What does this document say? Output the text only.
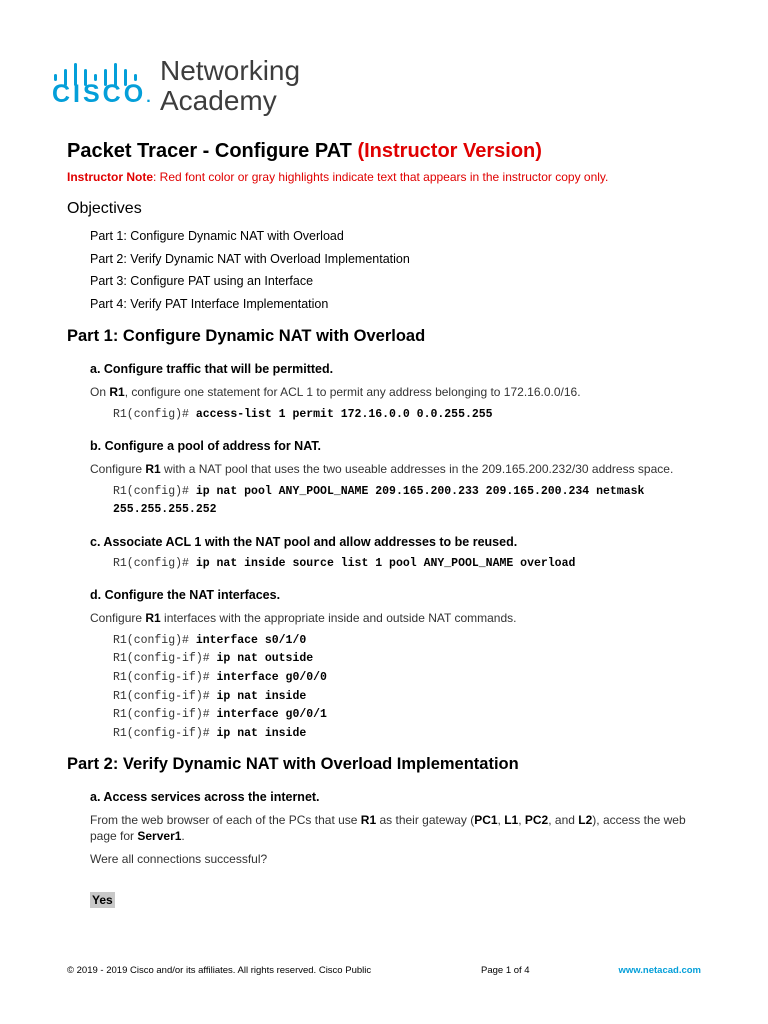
CISCO.
Networking
Academy
Packet Tracer - Configure PAT (Instructor Version)

Instructor Note: Red font color or gray highlights indicate text that appears in the instructor copy only.

Objectives
Part 1: Configure Dynamic NAT with Overload
Part 2: Verify Dynamic NAT with Overload Implementation
Part 3: Configure PAT using an Interface
Part 4: Verify PAT Interface Implementation
Part 1: Configure Dynamic NAT with Overload
a. Configure traffic that will be permitted.

On R1, configure one statement for ACL 1 to permit any address belonging to 172.16.0.0/16.

R1(config)# access-list 1 permit 172.16.0.0 0.0.255.255
b. Configure a pool of address for NAT.

Configure R1 with a NAT pool that uses the two useable addresses in the 209.165.200.232/30 address space.

R1(config)# ip nat pool ANY_POOL_NAME 209.165.200.233 209.165.200.234 netmask
255.255.255.252
c. Associate ACL 1 with the NAT pool and allow addresses to be reused.
R1(config)# ip nat inside source list 1 pool ANY_POOL_NAME overload
d. Configure the NAT interfaces.

Configure R1 interfaces with the appropriate inside and outside NAT commands.

R1(config)# interface s0/1/0
R1(config-if)# ip nat outside
R1(config-if)# interface g0/0/0
R1(config-if)# ip nat inside
R1(config-if)# interface g0/0/1
R1(config-if)# ip nat inside
Part 2: Verify Dynamic NAT with Overload Implementation
a. Access services across the internet.

From the web browser of each of the PCs that use R1 as their gateway (PC1, L1, PC2, and L2), access the web page for Server1.

Were all connections successful?

Yes
© 2019 - 2019 Cisco and/or its affiliates. All rights reserved. Cisco Public	Page 1 of 4	www.netacad.com
